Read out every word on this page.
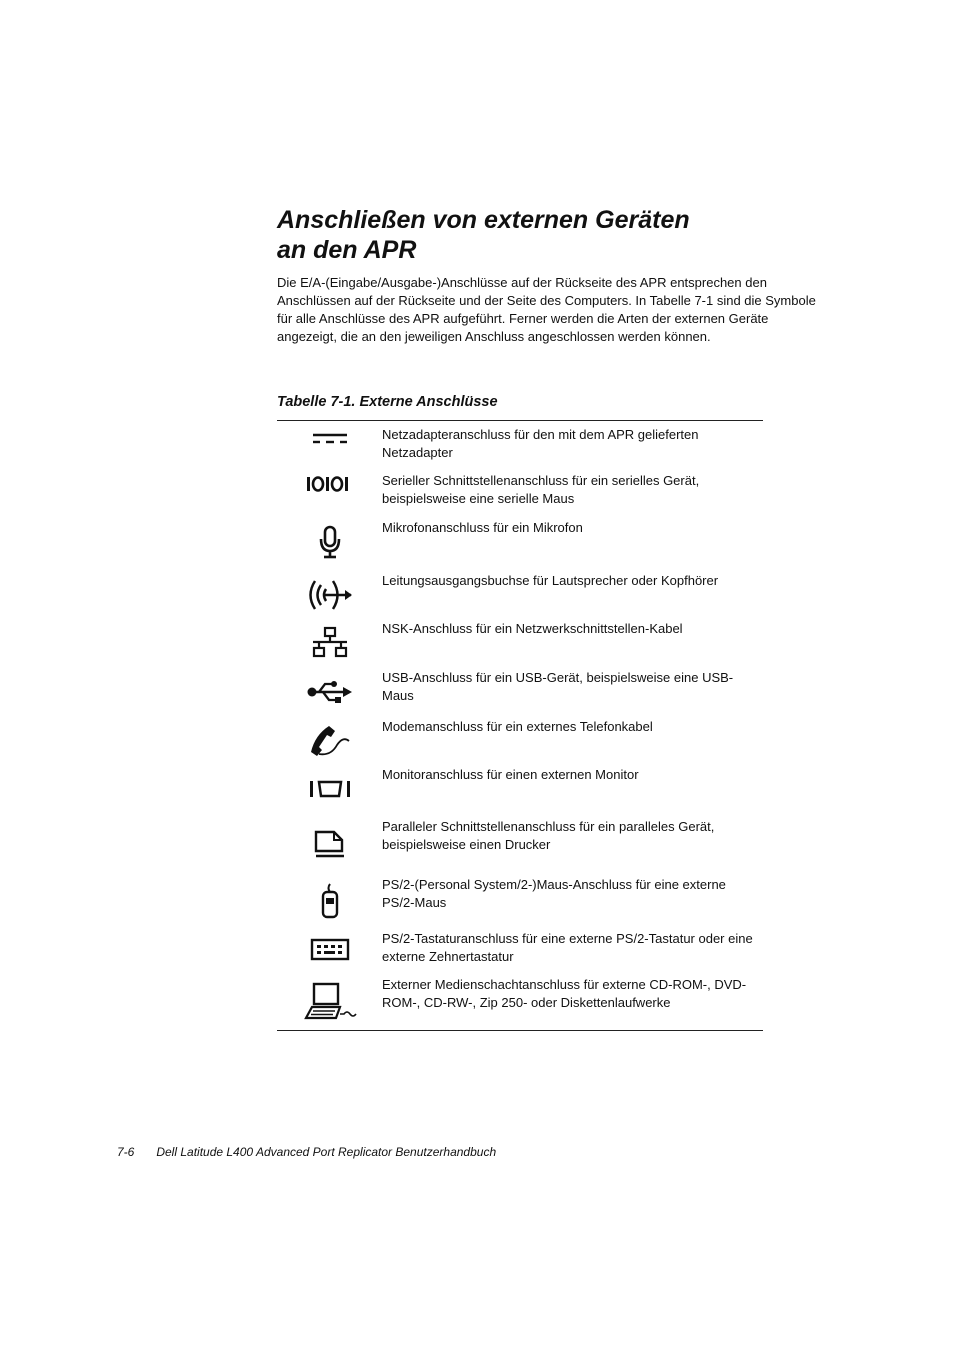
Anschließen von externen Geräten
an den APR

Die E/A-(Eingabe/Ausgabe-)Anschlüsse auf der Rückseite des APR entsprechen den Anschlüssen auf der Rückseite und der Seite des Computers. In Tabelle 7-1 sind die Symbole für alle Anschlüsse des APR aufgeführt. Ferner werden die Arten der externen Geräte angezeigt, die an den jeweiligen Anschluss angeschlossen werden können.

Tabelle 7-1. Externe Anschlüsse

Netzadapteranschluss für den mit dem APR gelieferten Netzadapter

Serieller Schnittstellenanschluss für ein serielles Gerät, beispielsweise eine serielle Maus

Mikrofonanschluss für ein Mikrofon

Leitungsausgangsbuchse für Lautsprecher oder Kopfhörer

NSK-Anschluss für ein Netzwerkschnittstellen-Kabel

USB-Anschluss für ein USB-Gerät, beispielsweise eine USB-Maus

Modemanschluss für ein externes Telefonkabel

Monitoranschluss für einen externen Monitor

Paralleler Schnittstellenanschluss für ein paralleles Gerät, beispielsweise einen Drucker

PS/2-(Personal System/2-)Maus-Anschluss für eine externe PS/2-Maus

PS/2-Tastaturanschluss für eine externe PS/2-Tastatur oder eine externe Zehnertastatur

Externer Medienschachtanschluss für externe CD-ROM-, DVD-ROM-, CD-RW-, Zip 250- oder Diskettenlaufwerke

7-6 Dell Latitude L400 Advanced Port Replicator Benutzerhandbuch
